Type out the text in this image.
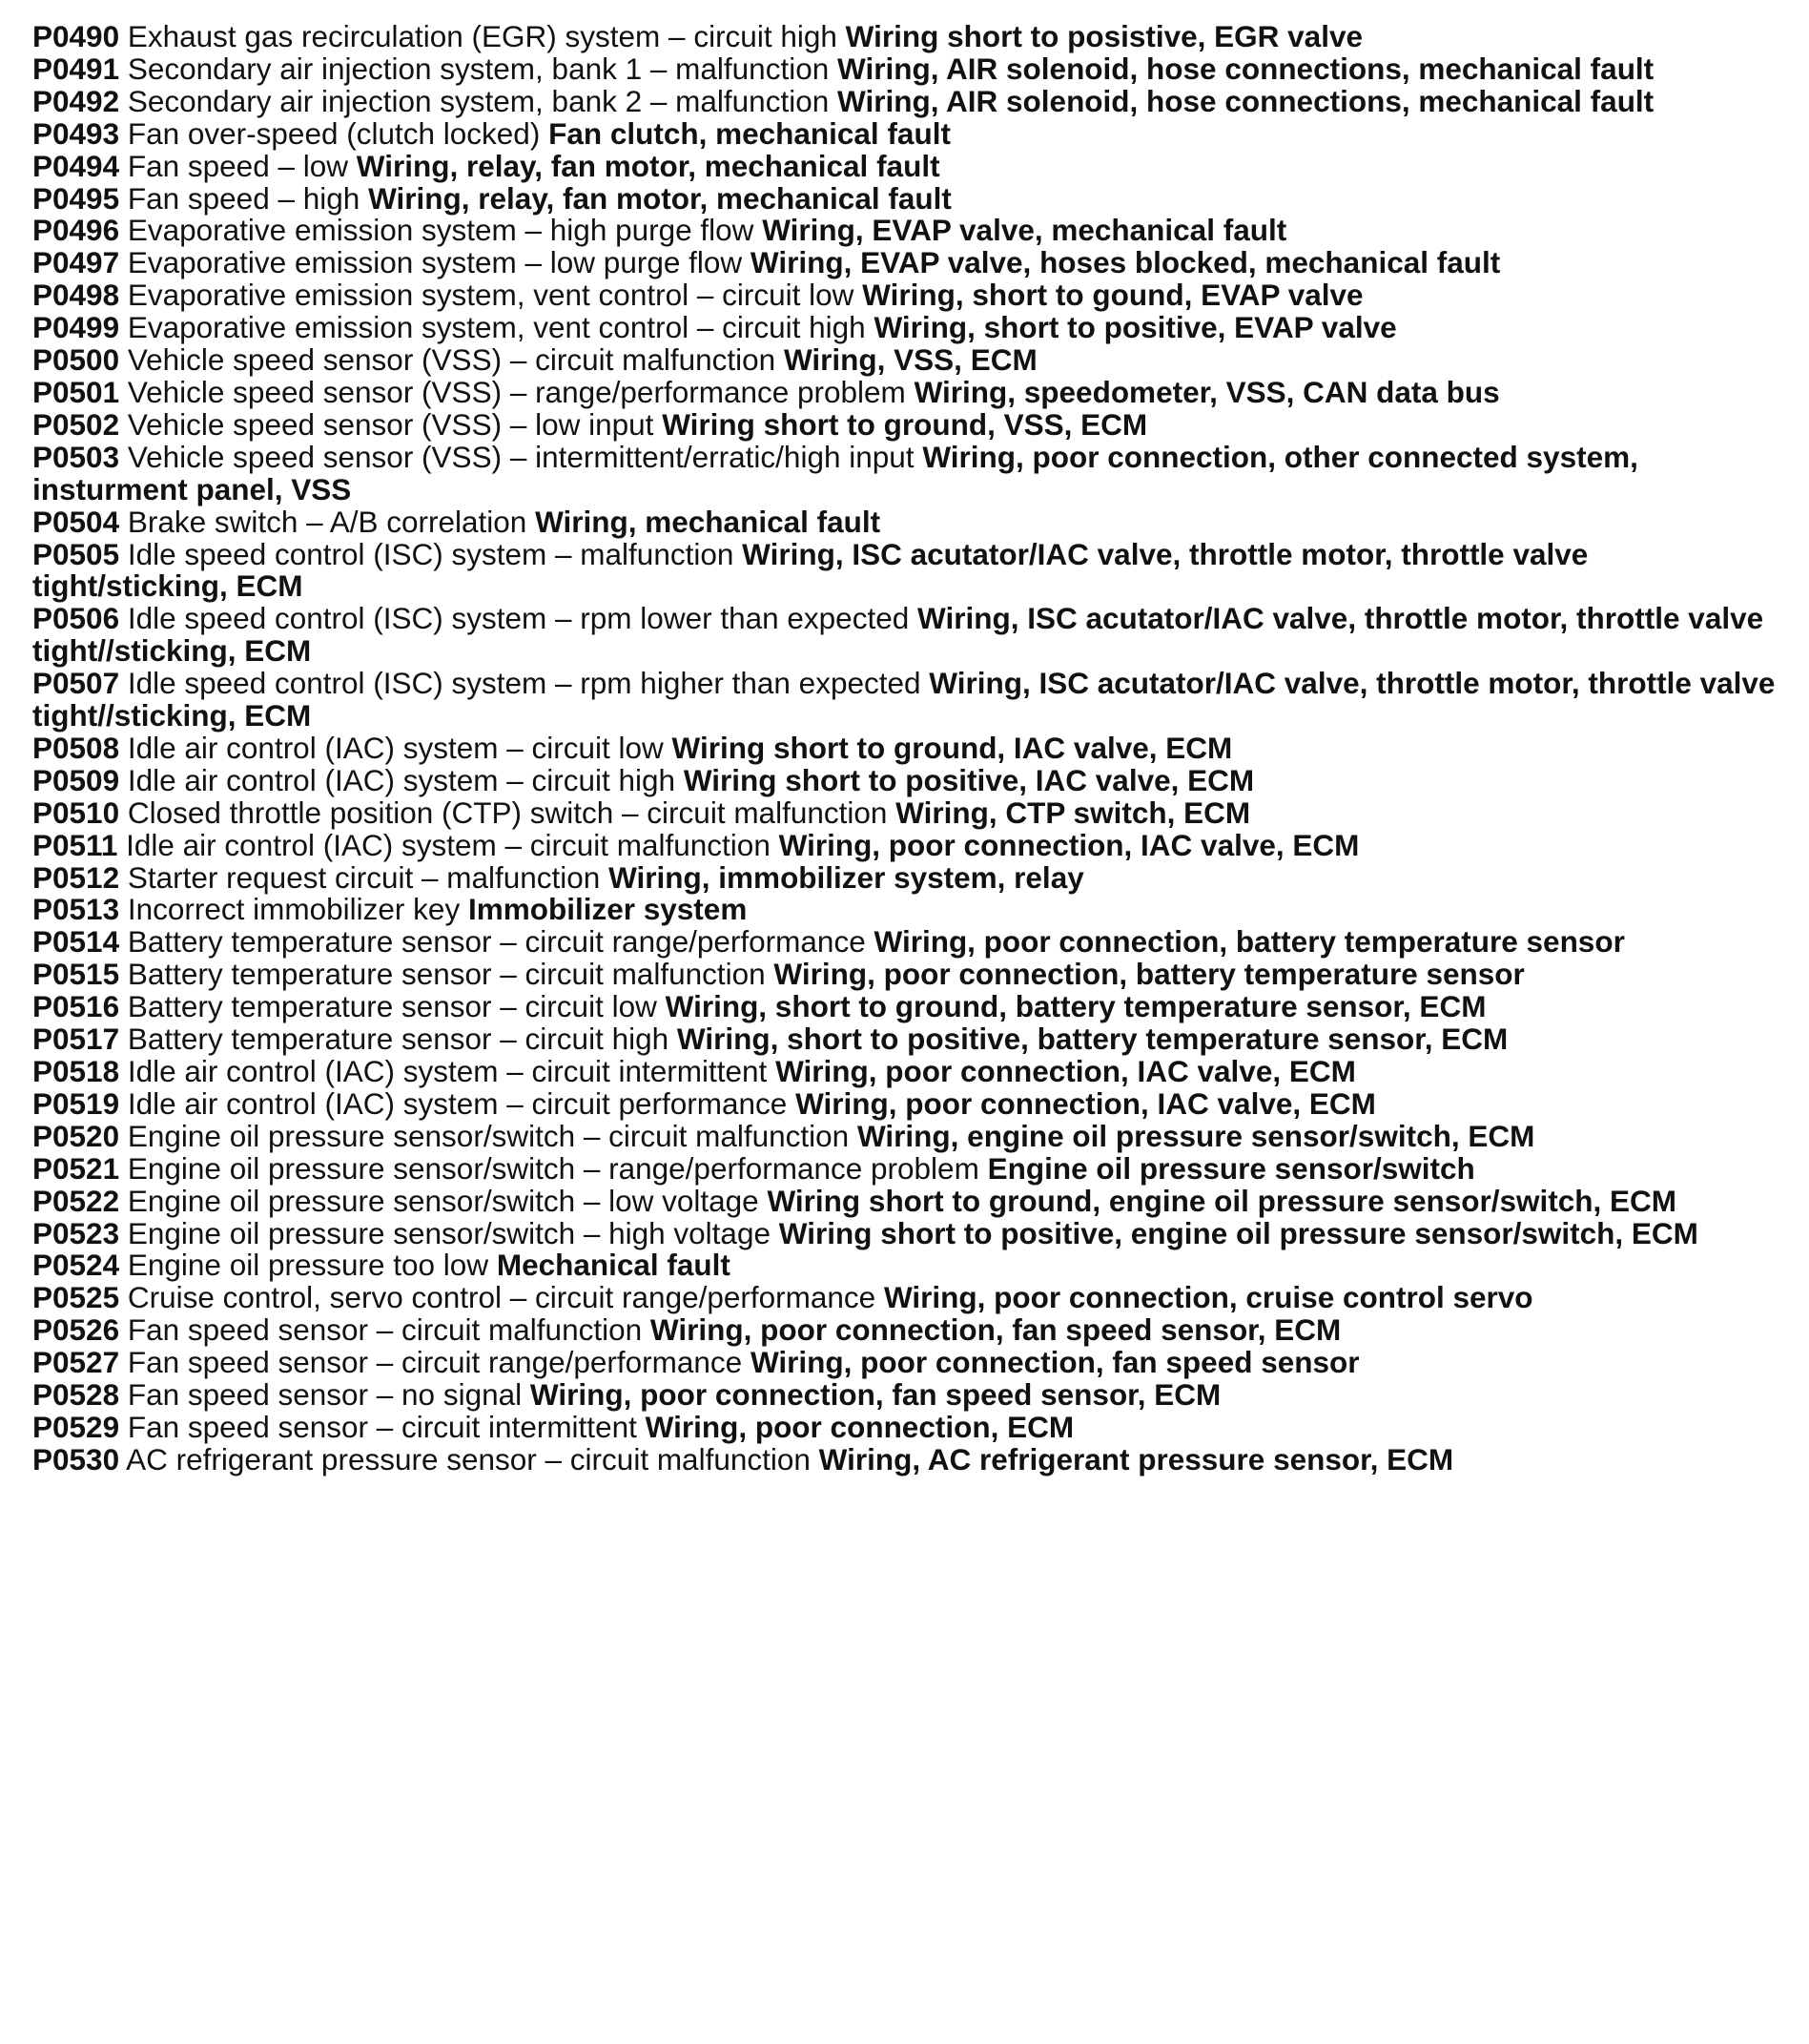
P0490 Exhaust gas recirculation (EGR) system – circuit high Wiring short to posistive, EGR valve

P0491 Secondary air injection system, bank 1 – malfunction Wiring, AIR solenoid, hose connections, mechanical fault

P0492 Secondary air injection system, bank 2 – malfunction Wiring, AIR solenoid, hose connections, mechanical fault

P0493 Fan over-speed (clutch locked) Fan clutch, mechanical fault

P0494 Fan speed – low Wiring, relay, fan motor, mechanical fault

P0495 Fan speed – high Wiring, relay, fan motor, mechanical fault

P0496 Evaporative emission system – high purge flow Wiring, EVAP valve, mechanical fault

P0497 Evaporative emission system – low purge flow Wiring, EVAP valve, hoses blocked, mechanical fault

P0498 Evaporative emission system, vent control – circuit low Wiring, short to gound, EVAP valve

P0499 Evaporative emission system, vent control – circuit high Wiring, short to positive, EVAP valve

P0500 Vehicle speed sensor (VSS) – circuit malfunction Wiring, VSS, ECM

P0501 Vehicle speed sensor (VSS) – range/performance problem Wiring, speedometer, VSS, CAN data bus

P0502 Vehicle speed sensor (VSS) – low input Wiring short to ground, VSS, ECM

P0503 Vehicle speed sensor (VSS) – intermittent/erratic/high input Wiring, poor connection, other connected system,
insturment panel, VSS

P0504 Brake switch – A/B correlation Wiring, mechanical fault

P0505 Idle speed control (ISC) system – malfunction Wiring, ISC acutator/IAC valve, throttle motor, throttle valve
tight/sticking, ECM

P0506 Idle speed control (ISC) system – rpm lower than expected Wiring, ISC acutator/IAC valve, throttle motor, throttle valve
tight//sticking, ECM

P0507 Idle speed control (ISC) system – rpm higher than expected Wiring, ISC acutator/IAC valve, throttle motor, throttle valve
tight//sticking, ECM

P0508 Idle air control (IAC) system – circuit low Wiring short to ground, IAC valve, ECM

P0509 Idle air control (IAC) system – circuit high Wiring short to positive, IAC valve, ECM

P0510 Closed throttle position (CTP) switch – circuit malfunction Wiring, CTP switch, ECM

P0511 Idle air control (IAC) system – circuit malfunction Wiring, poor connection, IAC valve, ECM

P0512 Starter request circuit – malfunction Wiring, immobilizer system, relay

P0513 Incorrect immobilizer key Immobilizer system

P0514 Battery temperature sensor – circuit range/performance Wiring, poor connection, battery temperature sensor

P0515 Battery temperature sensor – circuit malfunction Wiring, poor connection, battery temperature sensor

P0516 Battery temperature sensor – circuit low Wiring, short to ground, battery temperature sensor, ECM

P0517 Battery temperature sensor – circuit high Wiring, short to positive, battery temperature sensor, ECM

P0518 Idle air control (IAC) system – circuit intermittent Wiring, poor connection, IAC valve, ECM

P0519 Idle air control (IAC) system – circuit performance Wiring, poor connection, IAC valve, ECM

P0520 Engine oil pressure sensor/switch – circuit malfunction Wiring, engine oil pressure sensor/switch, ECM

P0521 Engine oil pressure sensor/switch – range/performance problem Engine oil pressure sensor/switch

P0522 Engine oil pressure sensor/switch – low voltage Wiring short to ground, engine oil pressure sensor/switch, ECM

P0523 Engine oil pressure sensor/switch – high voltage Wiring short to positive, engine oil pressure sensor/switch, ECM

P0524 Engine oil pressure too low Mechanical fault

P0525 Cruise control, servo control – circuit range/performance Wiring, poor connection, cruise control servo

P0526 Fan speed sensor – circuit malfunction Wiring, poor connection, fan speed sensor, ECM

P0527 Fan speed sensor – circuit range/performance Wiring, poor connection, fan speed sensor

P0528 Fan speed sensor – no signal Wiring, poor connection, fan speed sensor, ECM

P0529 Fan speed sensor – circuit intermittent Wiring, poor connection, ECM

P0530 AC refrigerant pressure sensor – circuit malfunction Wiring, AC refrigerant pressure sensor, ECM
